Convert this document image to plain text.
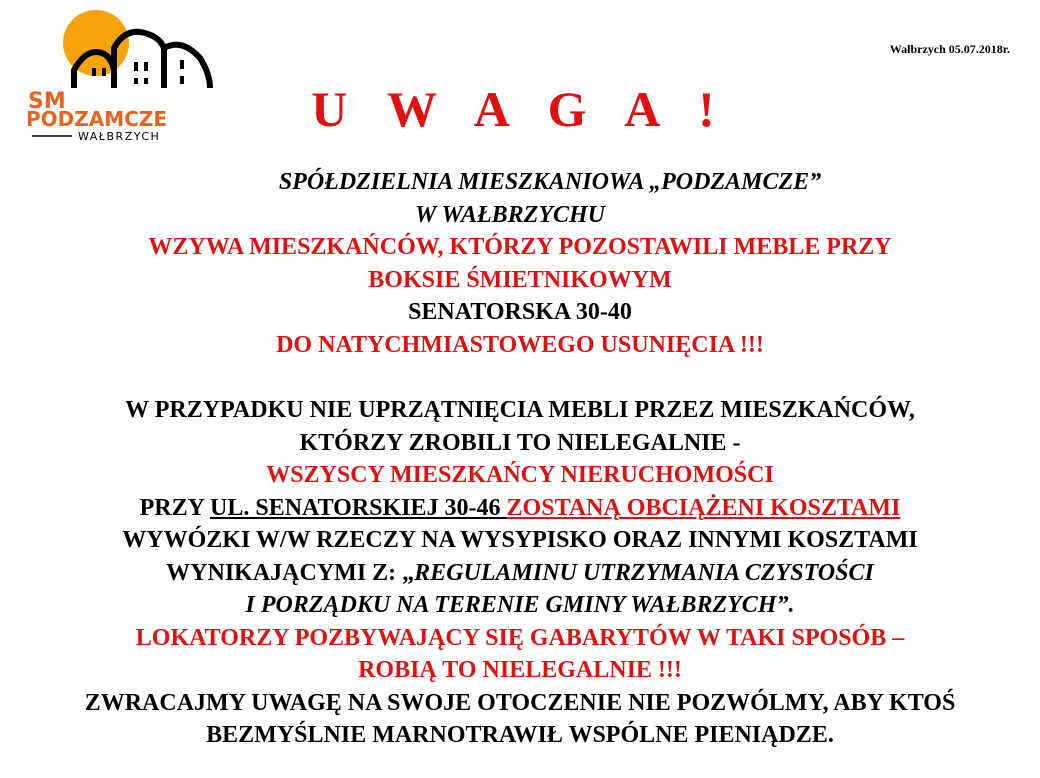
SM
PODZAMCZE
WAŁBRZYCH
Wałbrzych 05.07.2018r.
U W A G A !
SPÓŁDZIELNIA MIESZKANIOWA „PODZAMCZE”
W WAŁBRZYCHU
WZYWA MIESZKAŃCÓW, KTÓRZY POZOSTAWILI MEBLE PRZY
BOKSIE ŚMIETNIKOWYM
SENATORSKA 30-40
DO NATYCHMIASTOWEGO USUNIĘCIA !!!
W PRZYPADKU NIE UPRZĄTNIĘCIA MEBLI PRZEZ MIESZKAŃCÓW,
KTÓRZY ZROBILI TO NIELEGALNIE -
WSZYSCY MIESZKAŃCY NIERUCHOMOŚCI
PRZY UL. SENATORSKIEJ 30-46 ZOSTANĄ OBCIĄŻENI KOSZTAMI
WYWÓZKI W/W RZECZY NA WYSYPISKO ORAZ INNYMI KOSZTAMI
WYNIKAJĄCYMI Z: „REGULAMINU UTRZYMANIA CZYSTOŚCI
I PORZĄDKU NA TERENIE GMINY WAŁBRZYCH”.
LOKATORZY POZBYWAJĄCY SIĘ GABARYTÓW W TAKI SPOSÓB –
ROBIĄ TO NIELEGALNIE !!!
ZWRACAJMY UWAGĘ NA SWOJE OTOCZENIE NIE POZWÓLMY, ABY KTOŚ
BEZMYŚLNIE MARNOTRAWIŁ WSPÓLNE PIENIĄDZE.
